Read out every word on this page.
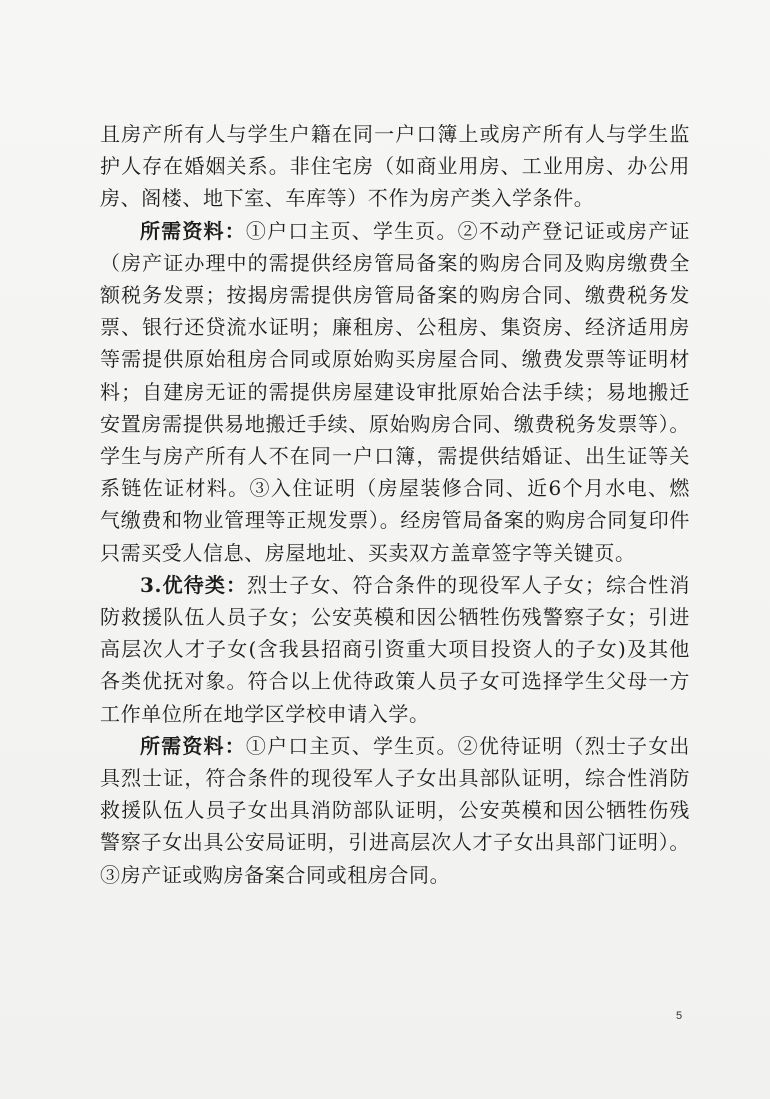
且房产所有人与学生户籍在同一户口簿上或房产所有人与学生监护人存在婚姻关系。非住宅房（如商业用房、工业用房、办公用房、阁楼、地下室、车库等）不作为房产类入学条件。

所需资料：①户口主页、学生页。②不动产登记证或房产证（房产证办理中的需提供经房管局备案的购房合同及购房缴费全额税务发票；按揭房需提供房管局备案的购房合同、缴费税务发票、银行还贷流水证明；廉租房、公租房、集资房、经济适用房等需提供原始租房合同或原始购买房屋合同、缴费发票等证明材料；自建房无证的需提供房屋建设审批原始合法手续；易地搬迁安置房需提供易地搬迁手续、原始购房合同、缴费税务发票等）。学生与房产所有人不在同一户口簿，需提供结婚证、出生证等关系链佐证材料。③入住证明（房屋装修合同、近6个月水电、燃气缴费和物业管理等正规发票）。经房管局备案的购房合同复印件只需买受人信息、房屋地址、买卖双方盖章签字等关键页。

3.优待类：烈士子女、符合条件的现役军人子女；综合性消防救援队伍人员子女；公安英模和因公牺牲伤残警察子女；引进高层次人才子女(含我县招商引资重大项目投资人的子女)及其他各类优抚对象。符合以上优待政策人员子女可选择学生父母一方工作单位所在地学区学校申请入学。

所需资料：①户口主页、学生页。②优待证明（烈士子女出具烈士证，符合条件的现役军人子女出具部队证明，综合性消防救援队伍人员子女出具消防部队证明，公安英模和因公牺牲伤残警察子女出具公安局证明，引进高层次人才子女出具部门证明）。③房产证或购房备案合同或租房合同。

5
